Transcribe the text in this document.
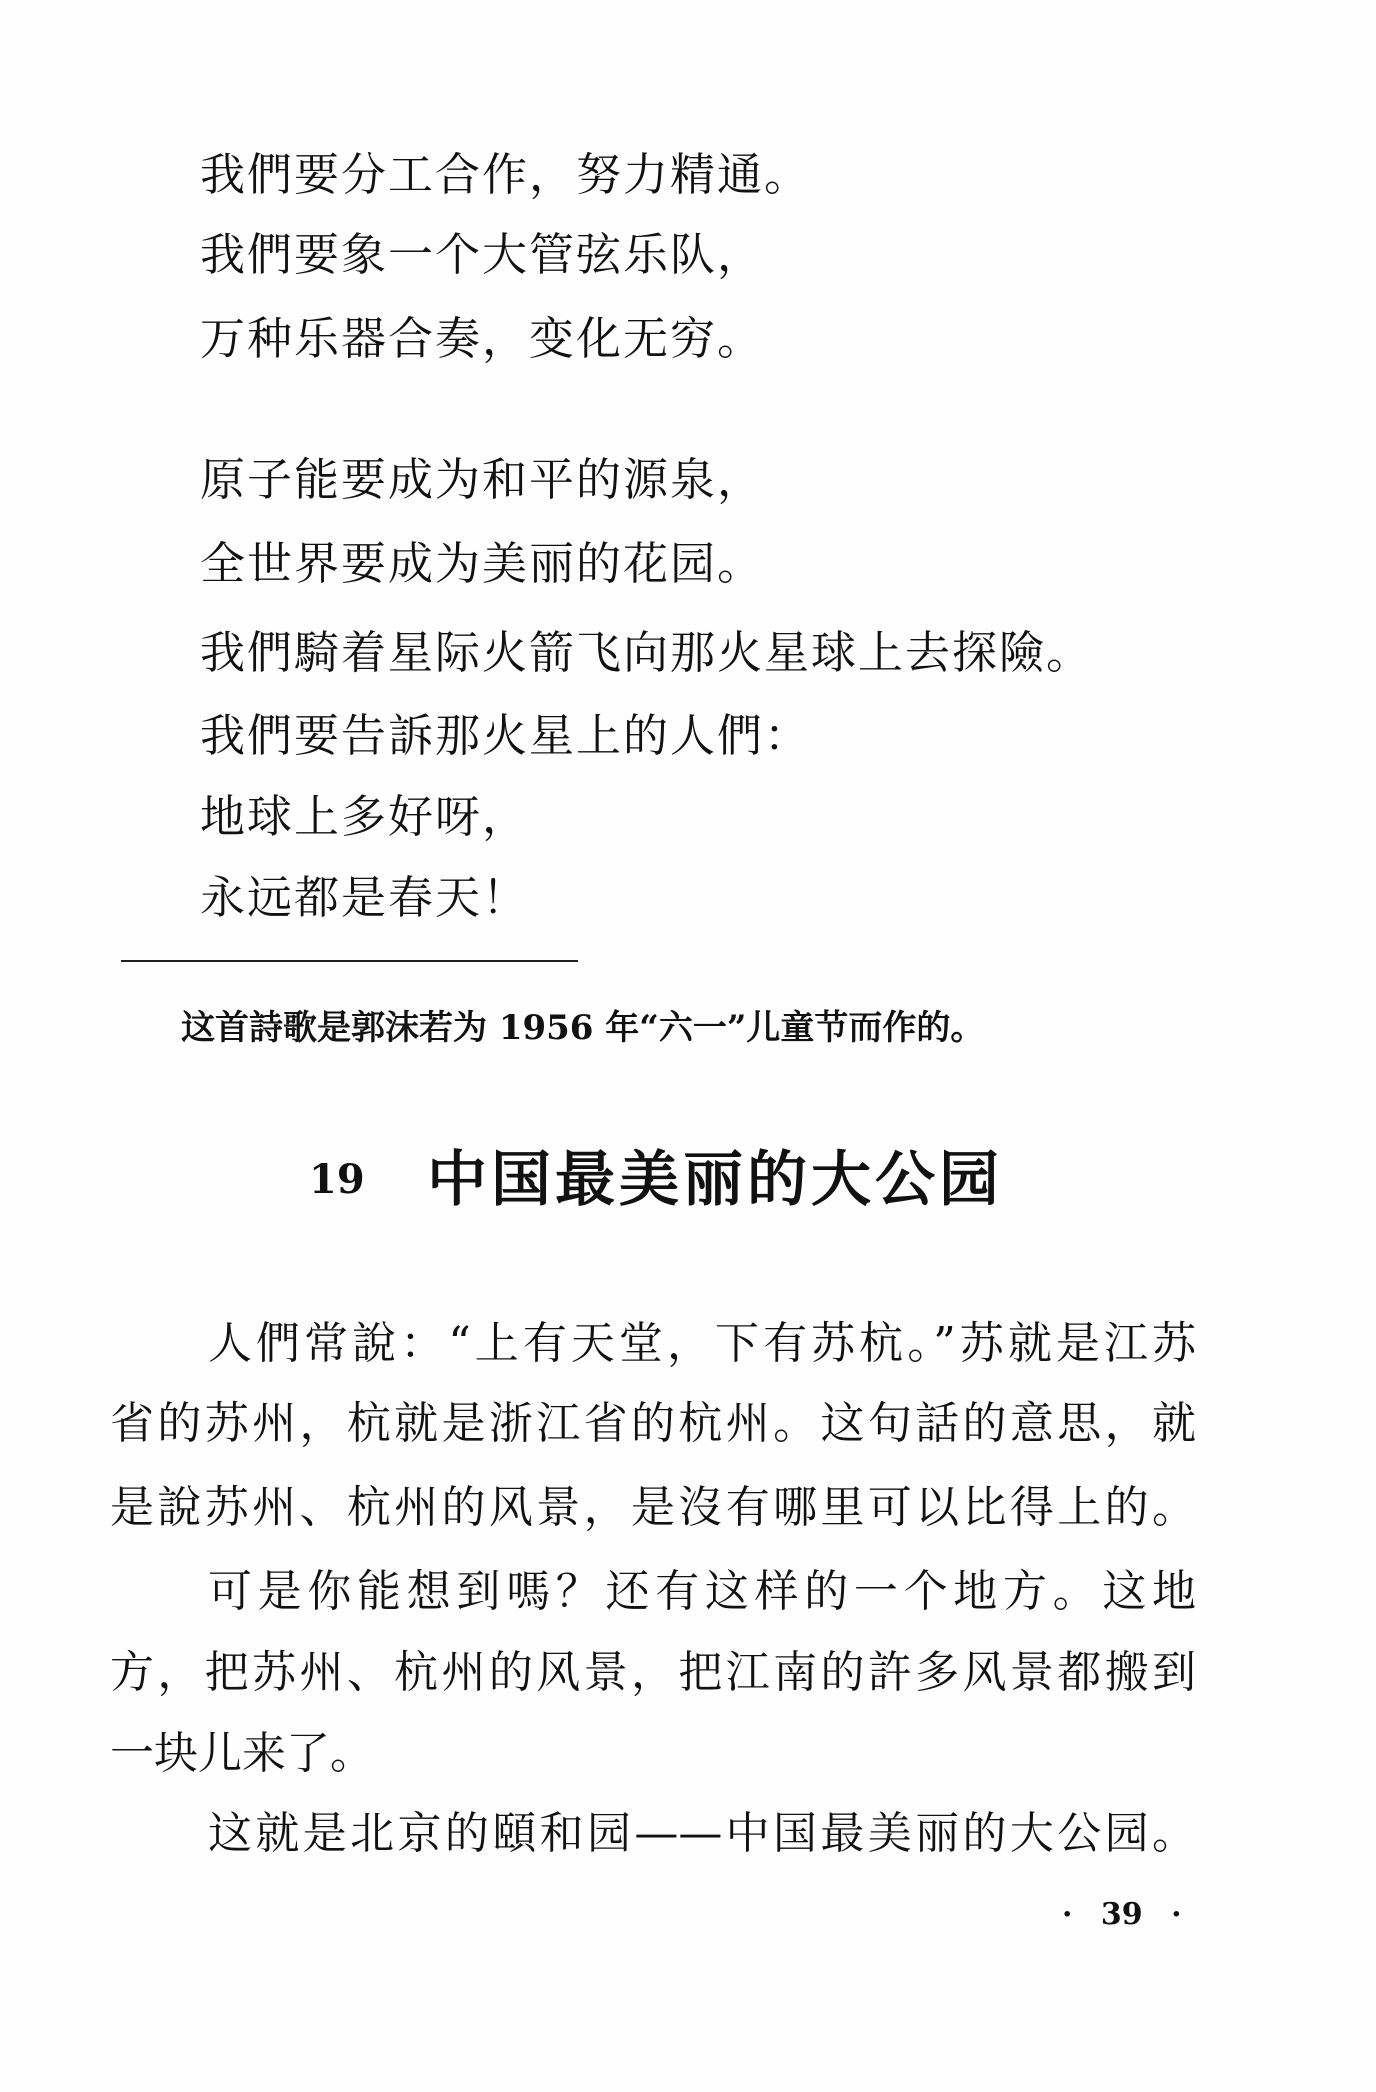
我們要分工合作，努力精通。
我們要象一个大管弦乐队，
万种乐器合奏，变化无穷。
原子能要成为和平的源泉，
全世界要成为美丽的花园。
我們騎着星际火箭飞向那火星球上去探險。
我們要告訴那火星上的人們：
地球上多好呀，
永远都是春天！
这首詩歌是郭沫若为 1956 年“六一”儿童节而作的。
19 中国最美丽的大公园
人們常說：“上有天堂，下有苏杭。”苏就是江苏
省的苏州，杭就是浙江省的杭州。这句話的意思，就
是說苏州、杭州的风景，是沒有哪里可以比得上的。
可是你能想到嗎？还有这样的一个地方。这地
方，把苏州、杭州的风景，把江南的許多风景都搬到
一块儿来了。
这就是北京的頤和园——中国最美丽的大公园。
· 39 ·
